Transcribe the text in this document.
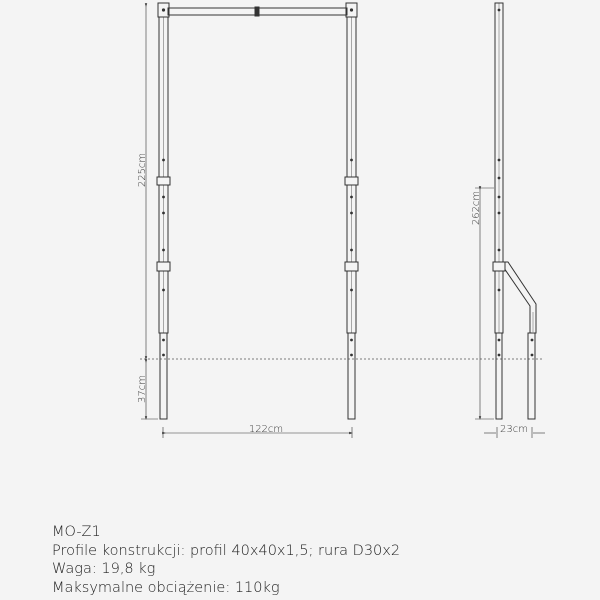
225cm
37cm
122cm
262cm
23cm
MO-Z1
Profile konstrukcji: profil 40x40x1,5; rura D30x2
Waga: 19,8 kg
Maksymalne obciążenie: 110kg
